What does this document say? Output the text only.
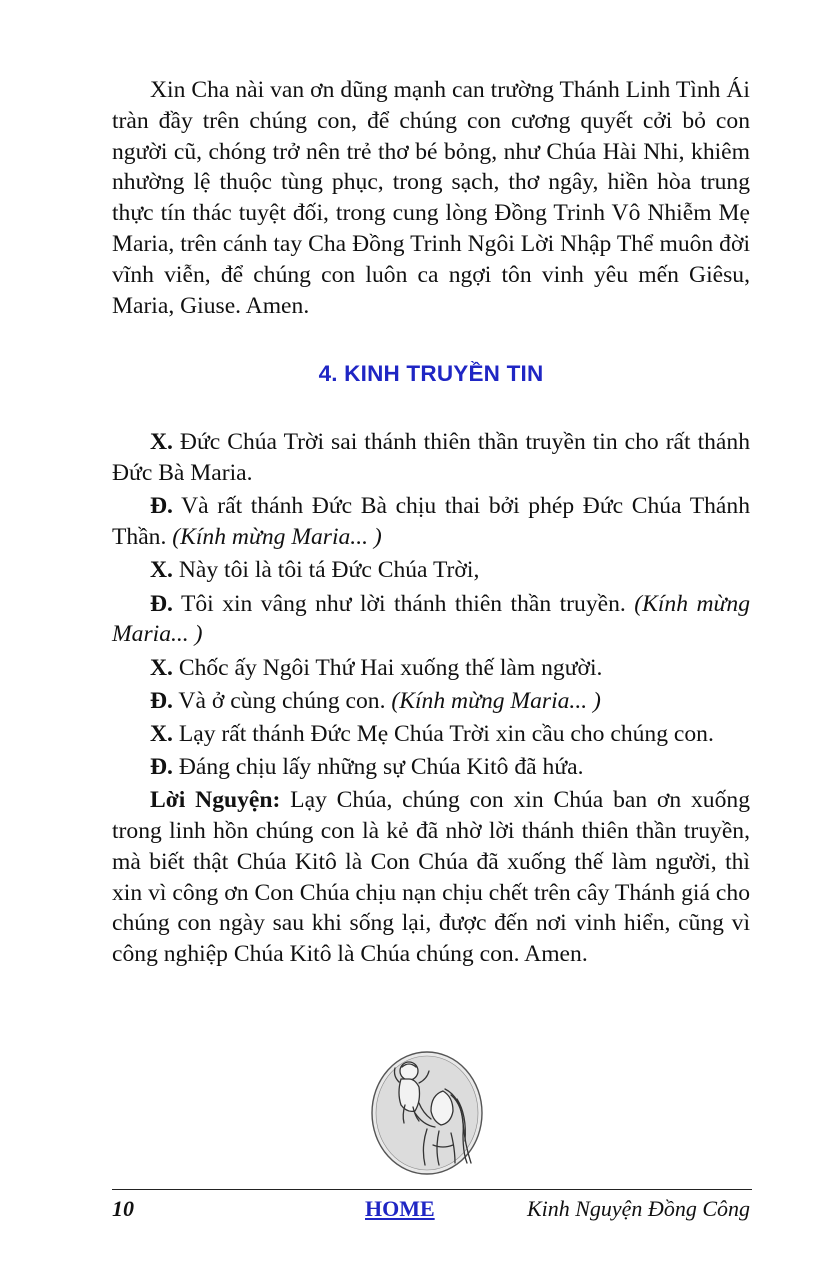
Xin Cha nài van ơn dũng mạnh can trường Thánh Linh Tình Ái tràn đầy trên chúng con, để chúng con cương quyết cởi bỏ con người cũ, chóng trở nên trẻ thơ bé bỏng, như Chúa Hài Nhi, khiêm nhường lệ thuộc tùng phục, trong sạch, thơ ngây, hiền hòa trung thực tín thác tuyệt đối, trong cung lòng Đồng Trinh Vô Nhiễm Mẹ Maria, trên cánh tay Cha Đồng Trinh Ngôi Lời Nhập Thể muôn đời vĩnh viễn, để chúng con luôn ca ngợi tôn vinh yêu mến Giêsu, Maria, Giuse. Amen.

4. KINH TRUYỀN TIN

X. Đức Chúa Trời sai thánh thiên thần truyền tin cho rất thánh Đức Bà Maria.

Đ. Và rất thánh Đức Bà chịu thai bởi phép Đức Chúa Thánh Thần. (Kính mừng Maria... )

X. Này tôi là tôi tá Đức Chúa Trời,

Đ. Tôi xin vâng như lời thánh thiên thần truyền. (Kính mừng Maria... )

X. Chốc ấy Ngôi Thứ Hai xuống thế làm người.

Đ. Và ở cùng chúng con. (Kính mừng Maria... )

X. Lạy rất thánh Đức Mẹ Chúa Trời xin cầu cho chúng con.

Đ. Đáng chịu lấy những sự Chúa Kitô đã hứa.

Lời Nguyện: Lạy Chúa, chúng con xin Chúa ban ơn xuống trong linh hồn chúng con là kẻ đã nhờ lời thánh thiên thần truyền, mà biết thật Chúa Kitô là Con Chúa đã xuống thế làm người, thì xin vì công ơn Con Chúa chịu nạn chịu chết trên cây Thánh giá cho chúng con ngày sau khi sống lại, được đến nơi vinh hiển, cũng vì công nghiệp Chúa Kitô là Chúa chúng con. Amen.

10	HOME	Kinh Nguyện Đồng Công
